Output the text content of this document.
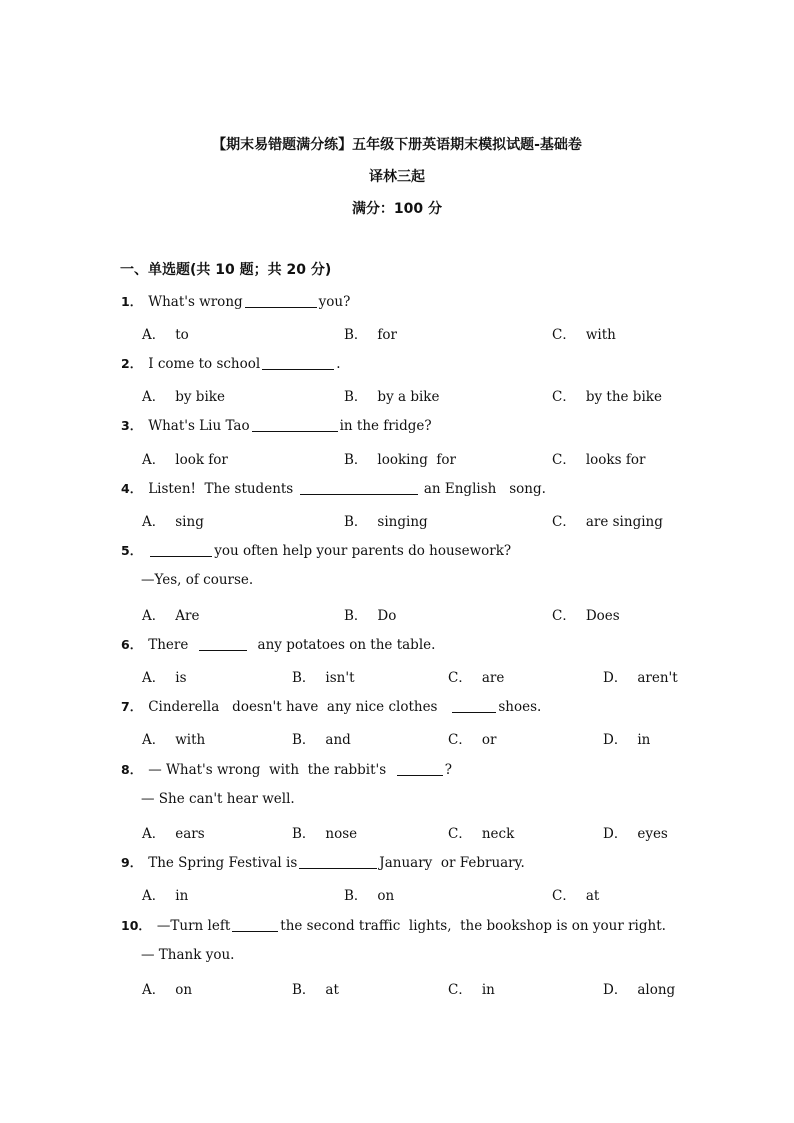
【期末易错题满分练】五年级下册英语期末模拟试题-基础卷
译林三起
满分：100 分
一、单选题(共 10 题；共 20 分)
1． What's wrong	you?
A． to	B． for	C． with
2． I come to school	.
A． by bike	B． by a bike	C． by the bike
3． What's Liu Tao	in the fridge?
A． look for	B． looking  for	C． looks for
4． Listen!  The students	an English   song.
A． sing	B． singing	C． are singing
5．	you often help your parents do housework?
—Yes, of course.
A． Are	B． Do	C． Does
6． There	any potatoes on the table.
A． is	B． isn't	C． are	D． aren't
7． Cinderella   doesn't have  any nice clothes	shoes.
A． with	B． and	C． or	D． in
8． — What's wrong  with  the rabbit's	?
— She can't hear well.
A． ears	B． nose	C． neck	D． eyes
9． The Spring Festival is	January  or February.
A． in	B． on	C． at
10． —Turn left	the second traffic  lights,  the bookshop is on your right.
— Thank you.
A． on	B． at	C． in	D． along
